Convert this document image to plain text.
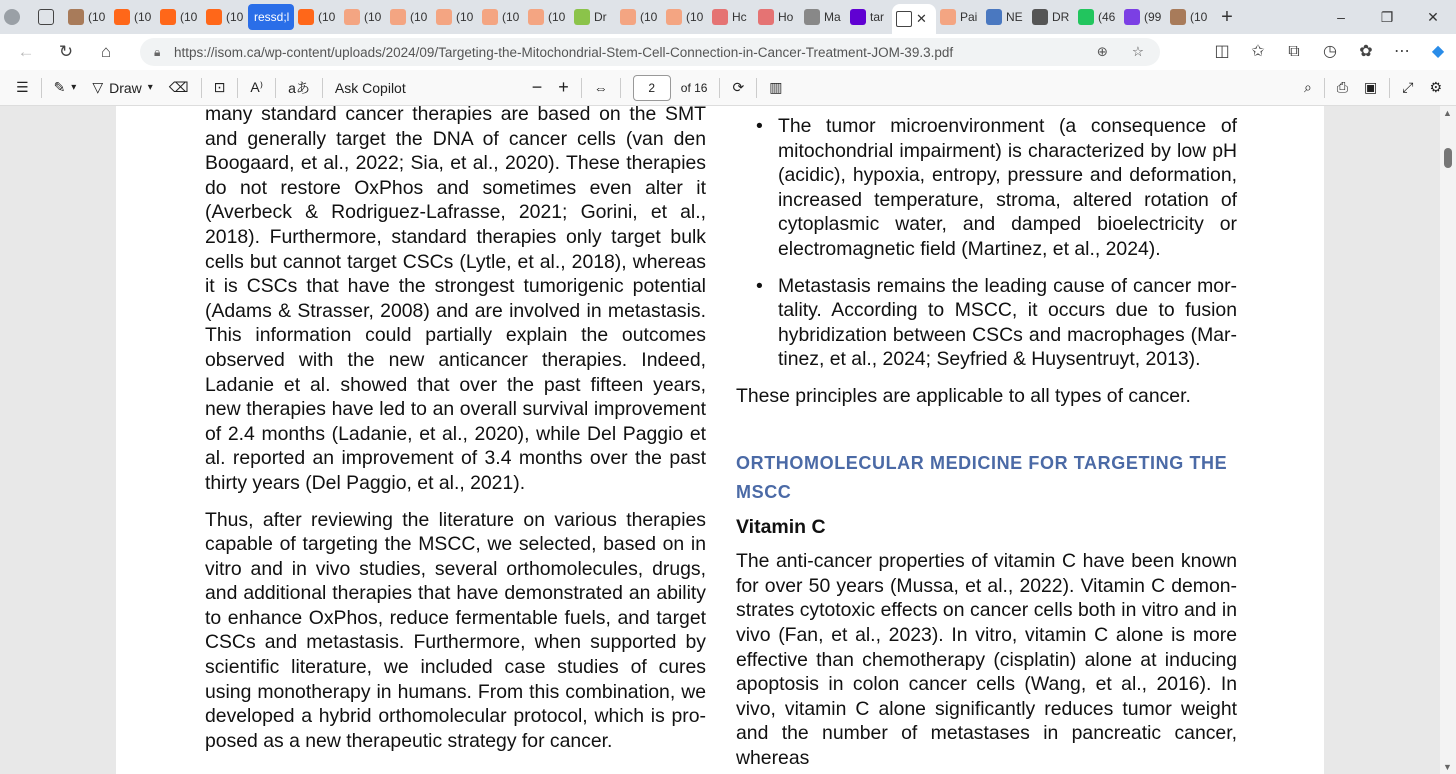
(10 (10 (10 (10 ressd;l (10 (10 (10 (10 (10 (10 Dr	(10 (10 Hc	Ho	Ma tar ✕	Pai NE DR (46 (99 (10 +	–	❐	✕
←	↻	⌂	🔒︎	https://isom.ca/wp-content/uploads/2024/09/Targeting-the-Mitochondrial-Stem-Cell-Connection-in-Cancer-Treatment-JOM-39.3.pdf	⊕ ☆	◫	✩	⧉	◷	✿	⋯	◆
☰ ✎ ▾ ▽ Draw ▾ ⌫ ⊡ A⁾ aあ Ask Copilot	− +	⇔	2	of 16 ⟳ ▥	⌕ ⎙ ▣ ⤢ ⚙

many standard cancer therapies are based on the SMT and generally target the DNA of cancer cells (van den Boogaard, et al., 2022; Sia, et al., 2020). These therapies do not restore OxPhos and sometimes even alter it (Averbeck & Rodriguez-Lafrasse, 2021; Gorini, et al., 2018). Furthermore, standard therapies only target bulk cells but cannot target CSCs (Lytle, et al., 2018), whereas it is CSCs that have the strongest tumorigenic potential (Adams & Strasser, 2008) and are involved in metastasis. This information could partially explain the outcomes observed with the new anticancer therapies. Indeed, Ladanie et al. showed that over the past fifteen years, new therapies have led to an overall survival improvement of 2.4 months (Ladanie, et al., 2020), while Del Paggio et al. reported an improvement of 3.4 months over the past thirty years (Del Paggio, et al., 2021).

Thus, after reviewing the literature on various therapies capable of targeting the MSCC, we selected, based on in vitro and in vivo studies, several orthomolecules, drugs, and additional therapies that have demonstrated an ability to enhance OxPhos, reduce fermentable fuels, and target CSCs and metastasis. Furthermore, when supported by scientific literature, we included case studies of cures using monotherapy in humans. From this combination, we developed a hybrid orthomolecular protocol, which is proposed as a new therapeutic strategy for cancer.

• The tumor microenvironment (a consequence of mitochondrial impairment) is characterized by low pH (acidic), hypoxia, entropy, pressure and deformation, increased temperature, stroma, altered rotation of cytoplasmic water, and damped bioelectricity or electromagnetic field (Martinez, et al., 2024).
• Metastasis remains the leading cause of cancer mortality. According to MSCC, it occurs due to fusion hybridization between CSCs and macrophages (Martinez, et al., 2024; Seyfried & Huysentruyt, 2013).

These principles are applicable to all types of cancer.

ORTHOMOLECULAR MEDICINE FOR TARGETING THE MSCC
Vitamin C

The anti-cancer properties of vitamin C have been known for over 50 years (Mussa, et al., 2022). Vitamin C demonstrates cytotoxic effects on cancer cells both in vitro and in vivo (Fan, et al., 2023). In vitro, vitamin C alone is more effective than chemotherapy (cisplatin) alone at inducing apoptosis in colon cancer cells (Wang, et al., 2016). In vivo, vitamin C alone significantly reduces tumor weight and the number of metastases in pancreatic cancer, whereas

▲
▼
